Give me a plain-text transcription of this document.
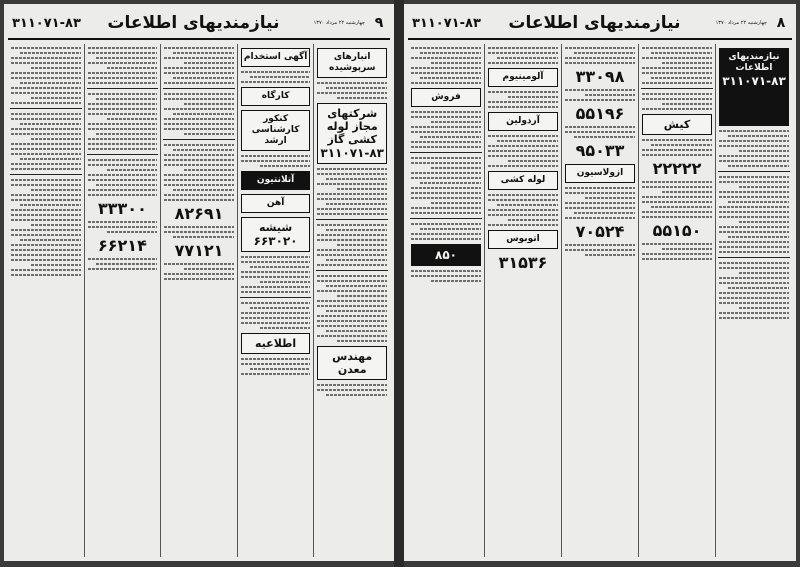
۹
چهارشنبه ۲۲ مرداد ۱۳۷۰
نیازمندیهای اطلاعات
۳۱۱۰۷۱-۸۳
انبارهای سرپوشیده
شرکتهای مجاز لوله کشی گاز
۳۱۱۰۷۱-۸۳
مهندس معدن
آگهی استخدام
کارگاه
کنکور کارشناسی ارشد
آتلانتیون
آهن
شیشه
۶۶۳۰۲۰
اطلاعیه
۸۲۶۹۱
۷۷۱۲۱
۳۳۳۰۰
۶۶۲۱۴
۸
چهارشنبه ۲۲ مرداد ۱۳۷۰
نیازمندیهای اطلاعات
۳۱۱۰۷۱-۸۳
نیازمندیهای اطلاعات
۳۱۱۰۷۱-۸۳
کیش
۲۲۲۲۲
۵۵۱۵۰
۳۳۰۹۸
۵۵۱۹۶
۹۵۰۳۳
ازولاسیون
۷۰۵۲۴
آلومینیوم
آردولین
لوله کشی
اتوبوس
۳۱۵۳۶
فروش
۸۵۰
